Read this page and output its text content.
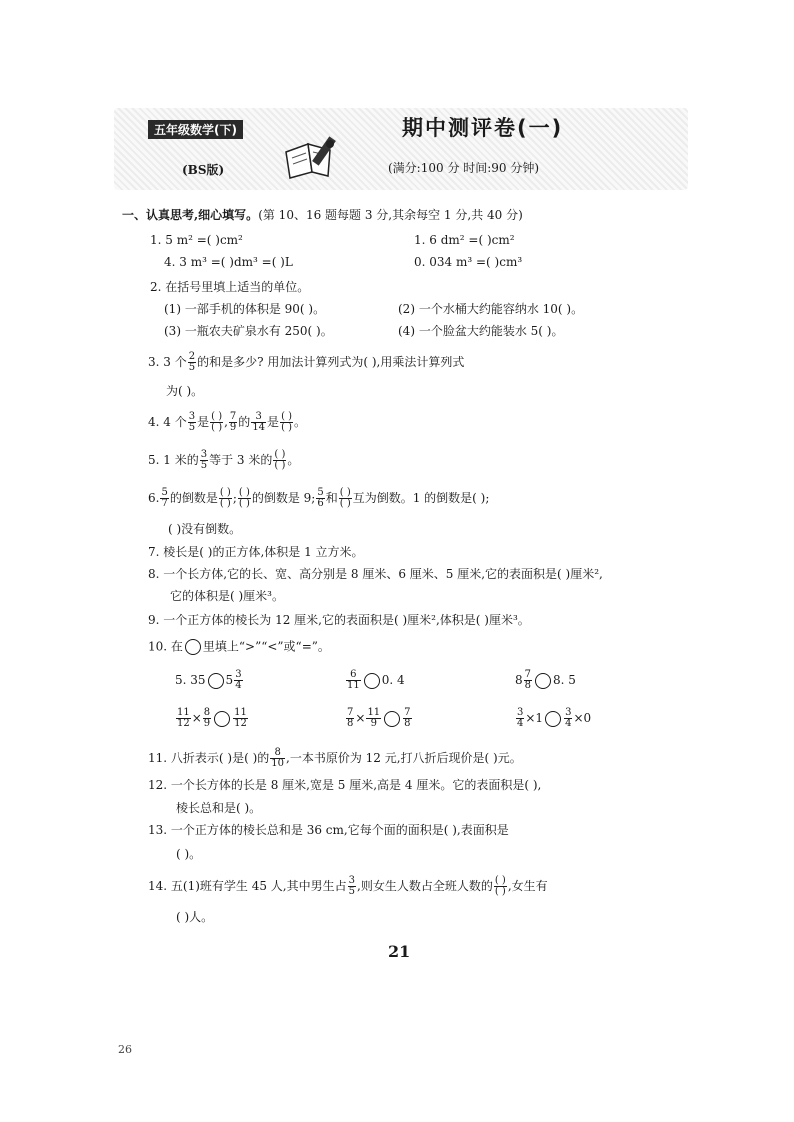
五年级数学(下)
(BS版)
期中测评卷(一)
(满分:100 分 时间:90 分钟)
一、认真思考,细心填写。(第 10、16 题每题 3 分,其余每空 1 分,共 40 分)
1. 5 m² =( )cm²	1. 6 dm² =( )cm²
4. 3 m³ =( )dm³ =( )L	0. 034 m³ =( )cm³
2. 在括号里填上适当的单位。
(1) 一部手机的体积是 90( )。	(2) 一个水桶大约能容纳水 10( )。
(3) 一瓶农夫矿泉水有 250( )。	(4) 一个脸盆大约能装水 5( )。
3. 3 个 $\frac{2}{5}$ 的和是多少? 用加法计算列式为( ),用乘法计算列式
为( )。
4. 4 个 $\frac{3}{5}$ 是 $\frac{( )}{( )}$ , $\frac{7}{9}$ 的 $\frac{3}{14}$ 是 $\frac{( )}{( )}$ 。
5. 1 米的 $\frac{3}{5}$ 等于 3 米的 $\frac{( )}{( )}$ 。
6. $\frac{5}{7}$ 的倒数是 $\frac{( )}{( )}$ ; $\frac{( )}{( )}$ 的倒数是 9; $\frac{5}{6}$ 和 $\frac{( )}{( )}$ 互为倒数。1 的倒数是( );
( )没有倒数。
7. 棱长是( )的正方体,体积是 1 立方米。
8. 一个长方体,它的长、宽、高分别是 8 厘米、6 厘米、5 厘米,它的表面积是( )厘米²,
它的体积是( )厘米³。
9. 一个正方体的棱长为 12 厘米,它的表面积是( )厘米²,体积是( )厘米³。
10. 在 里填上“>”“<”或“=”。
5. 35 $5 \frac{3}{4}$	$\frac{6}{11} 0$. 4	$8 \frac{7}{8} 8$. 5
$\frac{11}{12} \times \frac{8}{9} \frac{11}{12}$	$\frac{7}{8} \times \frac{11}{9} \frac{7}{8}$	$\frac{3}{4} \times 1 \frac{3}{4} \times 0$
11. 八折表示( )是( )的 $\frac{8}{10}$ ,一本书原价为 12 元,打八折后现价是( )元。
12. 一个长方体的长是 8 厘米,宽是 5 厘米,高是 4 厘米。它的表面积是( ),
棱长总和是( )。
13. 一个正方体的棱长总和是 36 cm,它每个面的面积是( ),表面积是
( )。
14. 五(1)班有学生 45 人,其中男生占 $\frac{3}{5}$ ,则女生人数占全班人数的 $\frac{( )}{( )}$ ,女生有
( )人。
21
26
